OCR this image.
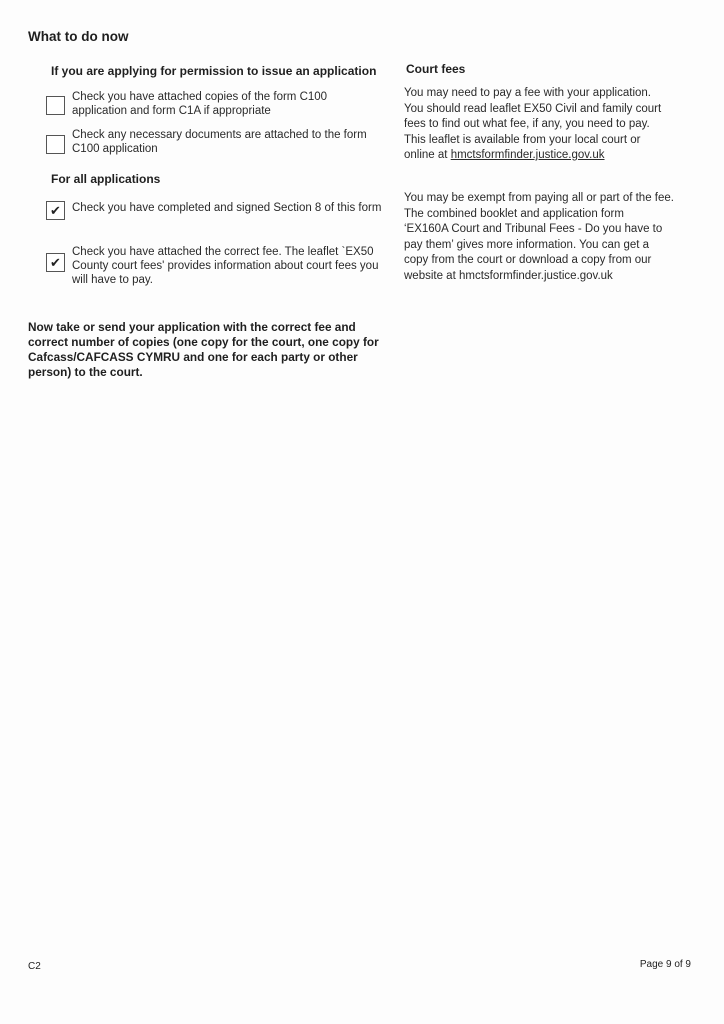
What to do now
If you are applying for permission to issue an application
Check you have attached copies of the form C100
application and form C1A if appropriate
Check any necessary documents are attached to the form
C100 application
For all applications
✔ Check you have completed and signed Section 8 of this form
✔
Check you have attached the correct fee. The leaflet `EX50
County court fees' provides information about court fees you
will have to pay.
Now take or send your application with the correct fee and
correct number of copies (one copy for the court, one copy for
Cafcass/CAFCASS CYMRU and one for each party or other
person) to the court.
Court fees
You may need to pay a fee with your application.
You should read leaflet EX50 Civil and family court
fees to find out what fee, if any, you need to pay.
This leaflet is available from your local court or
online at hmctsformfinder.justice.gov.uk
You may be exempt from paying all or part of the fee.
The combined booklet and application form
‘EX160A Court and Tribunal Fees - Do you have to
pay them’ gives more information. You can get a
copy from the court or download a copy from our
website at hmctsformfinder.justice.gov.uk
C2	Page 9 of 9
